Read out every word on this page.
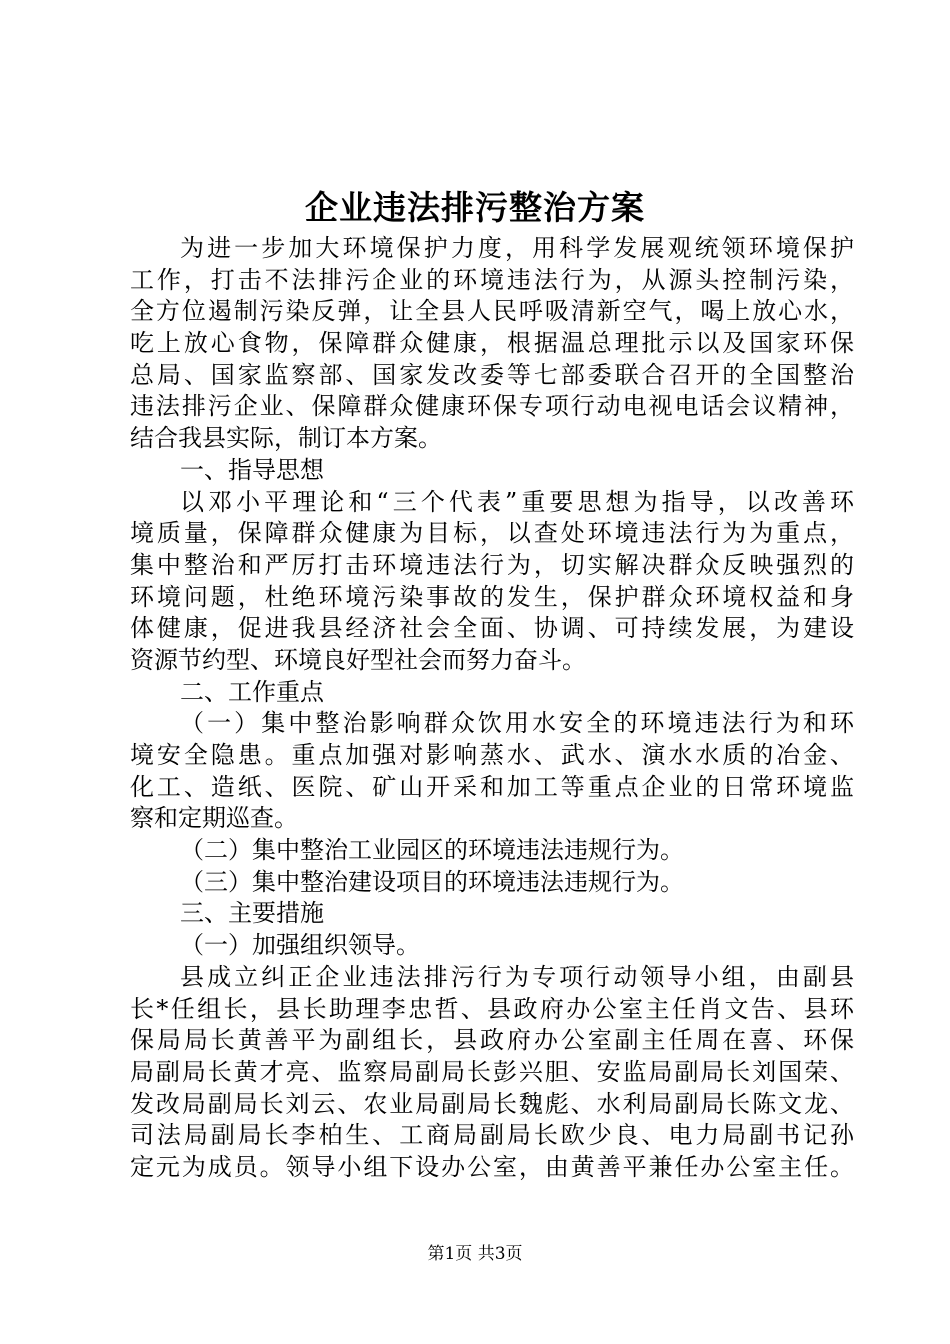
企业违法排污整治方案
为进一步加大环境保护力度，用科学发展观统领环境保护
工作，打击不法排污企业的环境违法行为，从源头控制污染，
全方位遏制污染反弹，让全县人民呼吸清新空气，喝上放心水，
吃上放心食物，保障群众健康，根据温总理批示以及国家环保
总局、国家监察部、国家发改委等七部委联合召开的全国整治
违法排污企业、保障群众健康环保专项行动电视电话会议精神，
结合我县实际，制订本方案。
一、指导思想
以邓小平理论和“三个代表”重要思想为指导，以改善环
境质量，保障群众健康为目标，以查处环境违法行为为重点，
集中整治和严厉打击环境违法行为，切实解决群众反映强烈的
环境问题，杜绝环境污染事故的发生，保护群众环境权益和身
体健康，促进我县经济社会全面、协调、可持续发展，为建设
资源节约型、环境良好型社会而努力奋斗。
二、工作重点
（一）集中整治影响群众饮用水安全的环境违法行为和环
境安全隐患。重点加强对影响蒸水、武水、演水水质的冶金、
化工、造纸、医院、矿山开采和加工等重点企业的日常环境监
察和定期巡查。
（二）集中整治工业园区的环境违法违规行为。
（三）集中整治建设项目的环境违法违规行为。
三、主要措施
（一）加强组织领导。
县成立纠正企业违法排污行为专项行动领导小组，由副县
长*任组长，县长助理李忠哲、县政府办公室主任肖文告、县环
保局局长黄善平为副组长，县政府办公室副主任周在喜、环保
局副局长黄才亮、监察局副局长彭兴胆、安监局副局长刘国荣、
发改局副局长刘云、农业局副局长魏彪、水利局副局长陈文龙、
司法局副局长李柏生、工商局副局长欧少良、电力局副书记孙
定元为成员。领导小组下设办公室，由黄善平兼任办公室主任。
第1页 共3页
